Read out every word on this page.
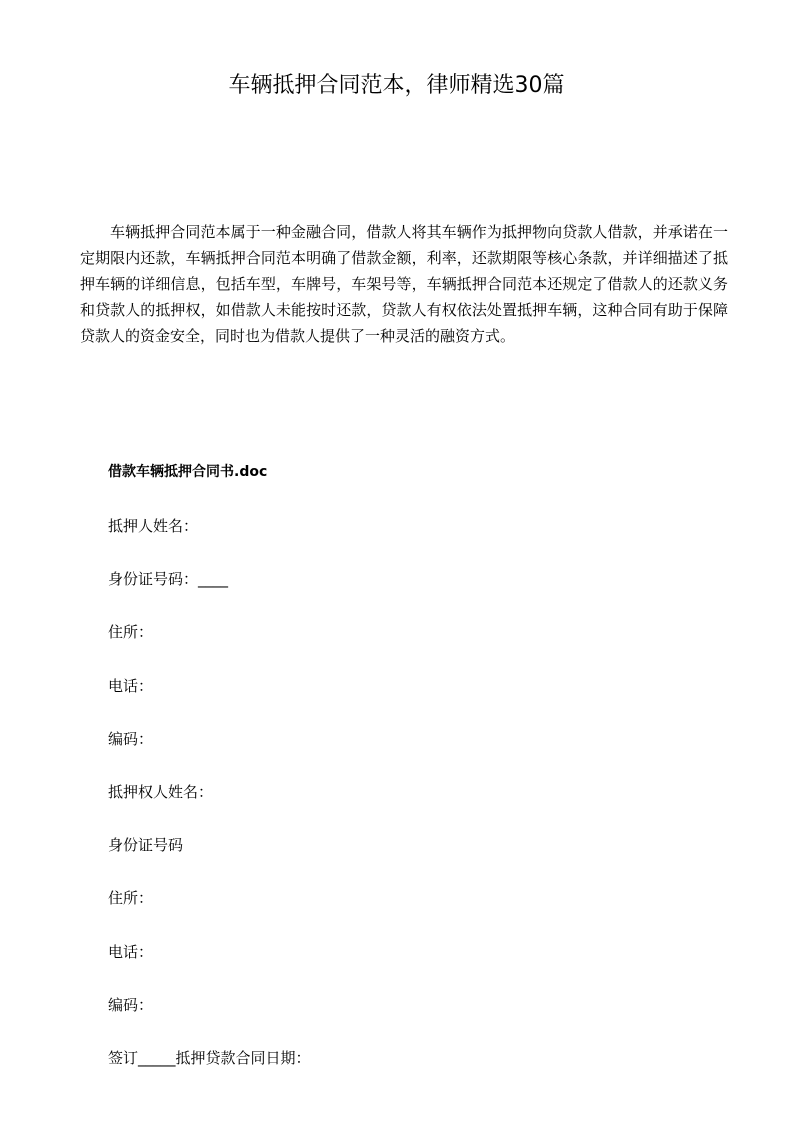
车辆抵押合同范本，律师精选30篇

车辆抵押合同范本属于一种金融合同，借款人将其车辆作为抵押物向贷款人借款，并承诺在一定期限内还款，车辆抵押合同范本明确了借款金额，利率，还款期限等核心条款，并详细描述了抵押车辆的详细信息，包括车型，车牌号，车架号等，车辆抵押合同范本还规定了借款人的还款义务和贷款人的抵押权，如借款人未能按时还款，贷款人有权依法处置抵押车辆，这种合同有助于保障贷款人的资金安全，同时也为借款人提供了一种灵活的融资方式。

借款车辆抵押合同书.doc

抵押人姓名：

身份证号码：____

住所：

电话：

编码：

抵押权人姓名：

身份证号码

住所：

电话：

编码：

签订_____抵押贷款合同日期：
